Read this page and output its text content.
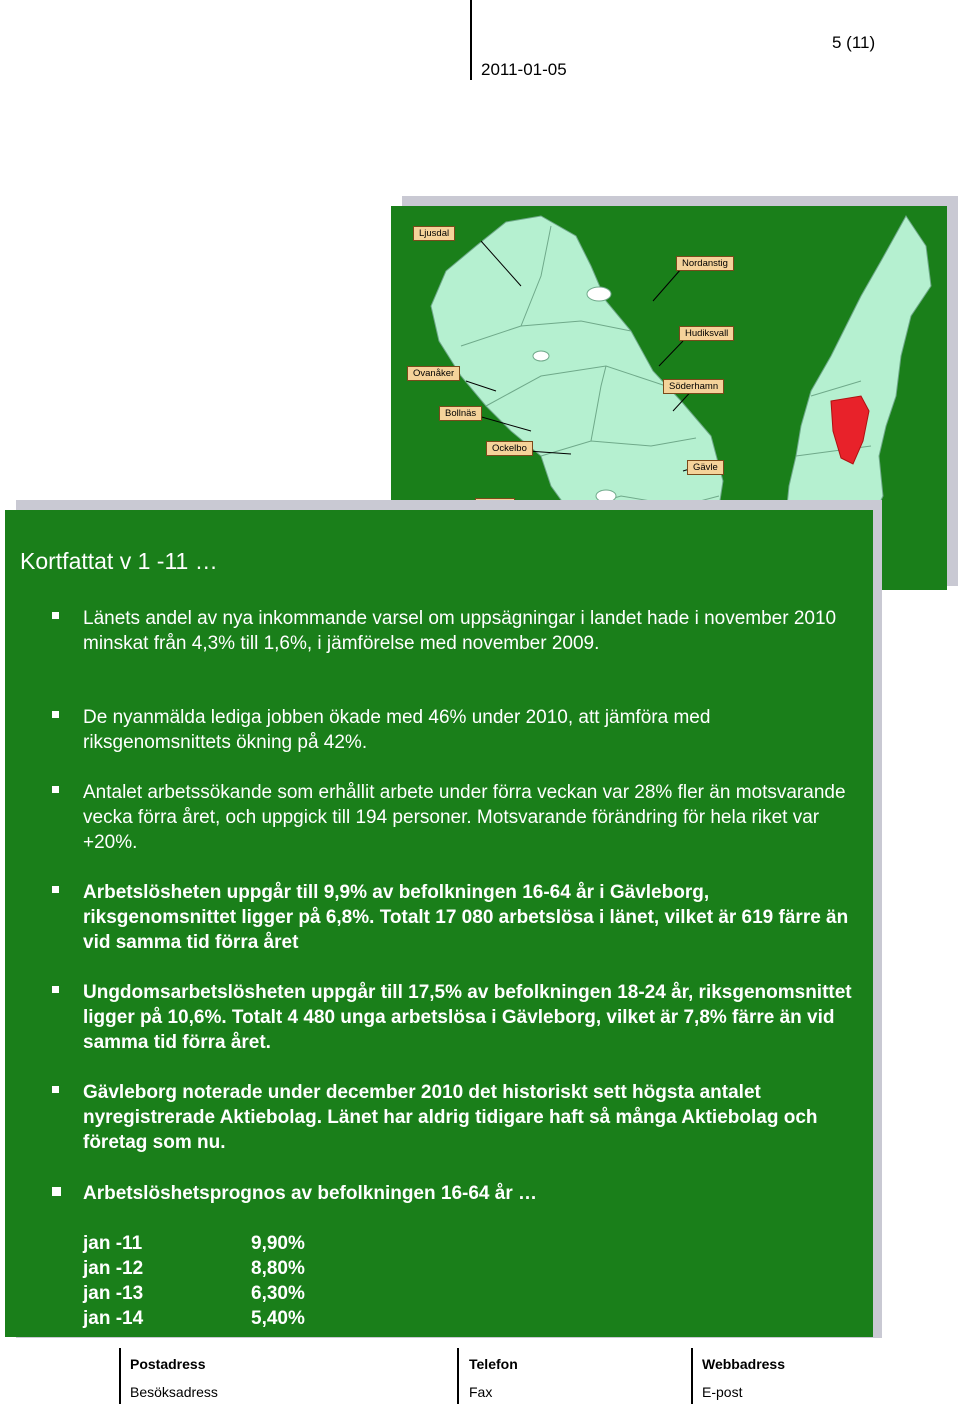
2011-01-05
5 (11)
Ljusdal
Nordanstig
Hudiksvall
Ovanåker
Söderhamn
Bollnäs
Ockelbo
Gävle
Kortfattat v 1 -11 …
Länets andel av nya inkommande varsel om uppsägningar i landet hade i november 2010 minskat från 4,3% till 1,6%, i jämförelse med november 2009.
De nyanmälda lediga jobben ökade med 46% under 2010, att jämföra med riksgenomsnittets ökning på 42%.
Antalet arbetssökande som erhållit arbete under förra veckan var 28% fler än motsvarande vecka förra året, och uppgick till 194 personer. Motsvarande förändring för hela riket var +20%.
Arbetslösheten uppgår till 9,9% av befolkningen 16-64 år i Gävleborg, riksgenomsnittet ligger på 6,8%. Totalt 17 080 arbetslösa i länet, vilket är 619 färre än vid samma tid förra året
Ungdomsarbetslösheten uppgår till 17,5% av befolkningen 18-24 år, riksgenomsnittet ligger på 10,6%. Totalt 4 480 unga arbetslösa i Gävleborg, vilket är 7,8% färre än vid samma tid förra året.
Gävleborg noterade under december 2010 det historiskt sett högsta antalet nyregistrerade Aktiebolag. Länet har aldrig tidigare haft så många Aktiebolag och företag som nu.
Arbetslöshetsprognos av befolkningen 16-64 år …
jan -11	9,90%
jan -12	8,80%
jan -13	6,30%
jan -14	5,40%
Postadress
Besöksadress
Telefon
Fax
Webbadress
E-post
